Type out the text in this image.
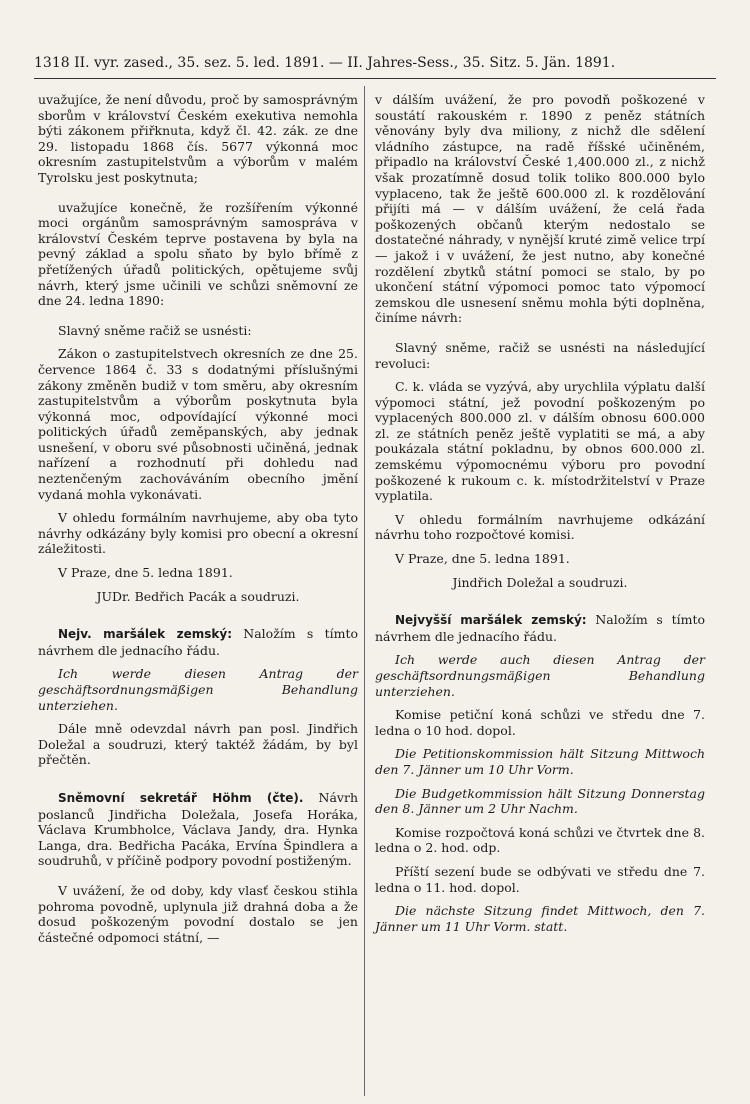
1318 II. vyr. zased., 35. sez. 5. led. 1891. — II. Jahres-Sess., 35. Sitz. 5. Jän. 1891.

uvažujíce, že není důvodu, proč by samosprávným sborům v království Českém exekutiva nemohla býti zákonem přiřknuta, když čl. 42. zák. ze dne 29. listopadu 1868 čís. 5677 výkonná moc okresním zastupitelstvům a výborům v malém Tyrolsku jest poskytnuta;

uvažujíce konečně, že rozšířením výkonné moci orgánům samosprávným samospráva v království Českém teprve postavena by byla na pevný základ a spolu sňato by bylo břímě z přetížených úřadů politických, opětujeme svůj návrh, který jsme učinili ve schůzi sněmovní ze dne 24. ledna 1890:

Slavný sněme račiž se usnésti:

Zákon o zastupitelstvech okresních ze dne 25. července 1864 č. 33 s dodatnými příslušnými zákony změněn budiž v tom směru, aby okresním zastupitelstvům a výborům poskytnuta byla výkonná moc, odpovídající výkonné moci politických úřadů zeměpanských, aby jednak usnešení, v oboru své působnosti učiněná, jednak nařízení a rozhodnutí při dohledu nad neztenčeným zachováváním obecního jmění vydaná mohla vykonávati.

V ohledu formálním navrhujeme, aby oba tyto návrhy odkázány byly komisi pro obecní a okresní záležitosti.

V Praze, dne 5. ledna 1891.

JUDr. Bedřich Pacák a soudruzi.

Nejv. maršálek zemský: Naložím s tímto návrhem dle jednacího řádu.

Ich werde diesen Antrag der geschäftsordnungsmäßigen Behandlung unterziehen.

Dále mně odevzdal návrh pan posl. Jindřich Doležal a soudruzi, který taktéž žádám, by byl přečtěn.

Sněmovní sekretář Höhm (čte). Návrh poslanců Jindřicha Doležala, Josefa Horáka, Václava Krumbholce, Václava Jandy, dra. Hynka Langa, dra. Bedřicha Pacáka, Ervína Špindlera a soudruhů, v příčině podpory povodní postiženým.

V uvážení, že od doby, kdy vlasť českou stihla pohroma povodně, uplynula již drahná doba a že dosud poškozeným povodní dostalo se jen částečné odpomoci státní, —

v dálším uvážení, že pro povodň poškozené v soustátí rakouském r. 1890 z peněz státních věnovány byly dva miliony, z nichž dle sdělení vládního zástupce, na radě říšské učiněném, připadlo na království České 1,400.000 zl., z nichž však prozatímně dosud tolik toliko 800.000 bylo vyplaceno, tak že ještě 600.000 zl. k rozdělování přijíti má — v dálším uvážení, že celá řada poškozených občanů kterým nedostalo se dostatečné náhrady, v nynější kruté zimě velice trpí — jakož i v uvážení, že jest nutno, aby konečné rozdělení zbytků státní pomoci se stalo, by po ukončení státní výpomoci pomoc tato výpomocí zemskou dle usnesení sněmu mohla býti doplněna, činíme návrh:

Slavný sněme, račiž se usnésti na následující revoluci:

C. k. vláda se vyzývá, aby urychlila výplatu další výpomoci státní, jež povodní poškozeným po vyplacených 800.000 zl. v dálším obnosu 600.000 zl. ze státních peněz ještě vyplatiti se má, a aby poukázala státní pokladnu, by obnos 600.000 zl. zemskému výpomocnému výboru pro povodní poškozené k rukoum c. k. místodržitelství v Praze vyplatila.

V ohledu formálním navrhujeme odkázání návrhu toho rozpočtové komisi.

V Praze, dne 5. ledna 1891.

Jindřich Doležal a soudruzi.

Nejvyšší maršálek zemský: Naložím s tímto návrhem dle jednacího řádu.

Ich werde auch diesen Antrag der geschäftsordnungsmäßigen Behandlung unterziehen.

Komise petiční koná schůzi ve středu dne 7. ledna o 10 hod. dopol.

Die Petitionskommission hält Sitzung Mittwoch den 7. Jänner um 10 Uhr Vorm.

Die Budgetkommission hält Sitzung Donnerstag den 8. Jänner um 2 Uhr Nachm.

Komise rozpočtová koná schůzi ve čtvrtek dne 8. ledna o 2. hod. odp.

Příští sezení bude se odbývati ve středu dne 7. ledna o 11. hod. dopol.

Die nächste Sitzung findet Mittwoch, den 7. Jänner um 11 Uhr Vorm. statt.
